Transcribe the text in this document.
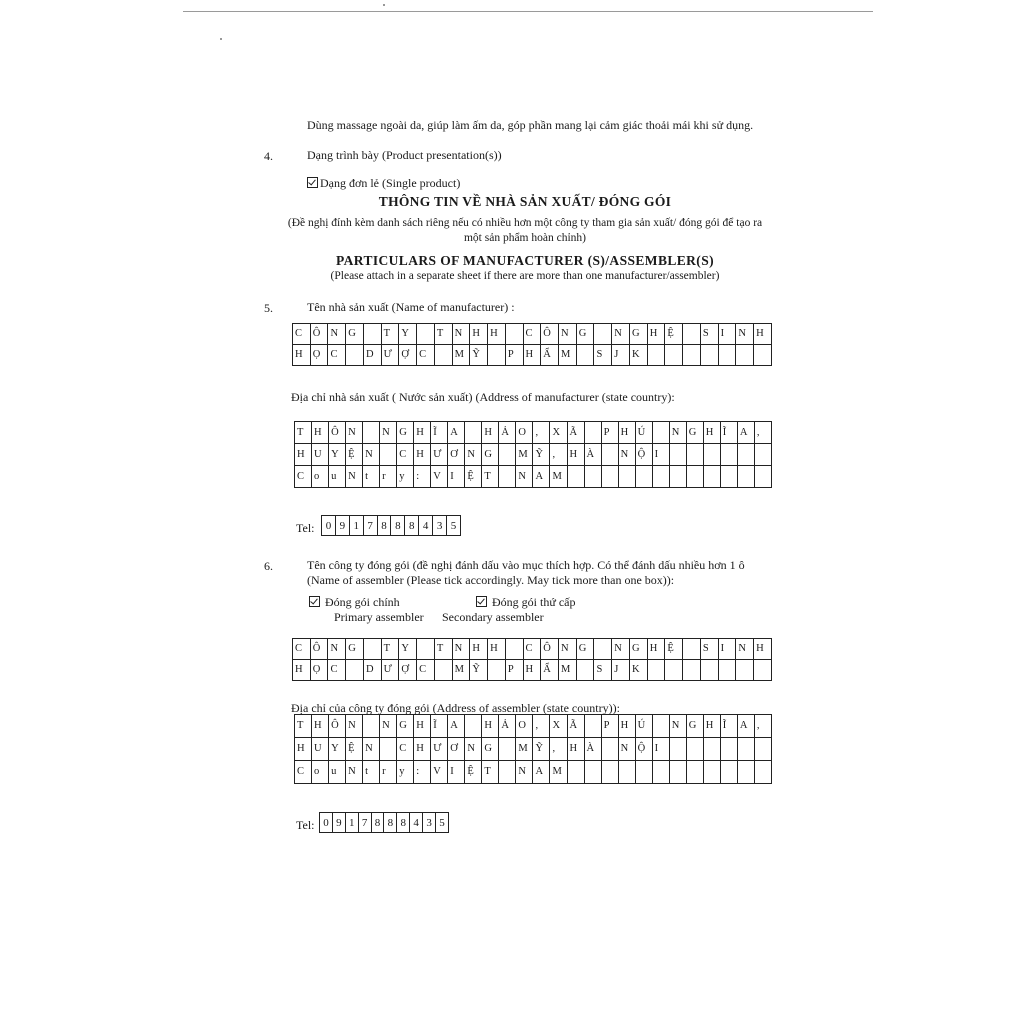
Dùng massage ngoài da, giúp làm ấm da, góp phần mang lại cảm giác thoải mái khi sử dụng.
4.	Dạng trình bày (Product presentation(s))
Dạng đơn lẻ (Single product)
THÔNG TIN VỀ NHÀ SẢN XUẤT/ ĐÓNG GÓI
(Đề nghị đính kèm danh sách riêng nếu có nhiều hơn một công ty tham gia sản xuất/ đóng gói để tạo ra
một sản phẩm hoàn chỉnh)
PARTICULARS OF MANUFACTURER (S)/ASSEMBLER(S)
(Please attach in a separate sheet if there are more than one manufacturer/assembler)
5.	Tên nhà sản xuất (Name of manufacturer) :
C	Ô	N	G		T	Y		T	N	H	H		C	Ô	N	G		N	G	H	Ệ		S	I	N	H
H	Ọ	C		D	Ư	Ợ	C		M	Ỹ		P	H	Ẩ	M		S	J	K							
Địa chỉ nhà sản xuất ( Nước sản xuất) (Address of manufacturer (state country):
T	H	Ô	N		N	G	H	Ĩ	A		H	Ả	O	,	X	Ã		P	H	Ú		N	G	H	Ĩ	A	,
H	U	Y	Ệ	N		C	H	Ư	Ơ	N	G		M	Ỹ	,	H	À		N	Ộ	I						
C	o	u	N	t	r	y	:	V	I	Ệ	T		N	A	M												
Tel: 0	9	1	7	8	8	8	4	3	5
6.	Tên công ty đóng gói (đề nghị đánh dấu vào mục thích hợp. Có thể đánh dấu nhiều hơn 1 ô
(Name of assembler (Please tick accordingly. May tick more than one box)):
Đóng gói chính	Đóng gói thứ cấp
Primary assembler Secondary assembler
C	Ô	N	G		T	Y		T	N	H	H		C	Ô	N	G		N	G	H	Ệ		S	I	N	H
H	Ọ	C		D	Ư	Ợ	C		M	Ỹ		P	H	Ẩ	M		S	J	K							
Địa chỉ của công ty đóng gói (Address of assembler (state country)):
T	H	Ô	N		N	G	H	Ĩ	A		H	Ả	O	,	X	Ã		P	H	Ú		N	G	H	Ĩ	A	,
H	U	Y	Ệ	N		C	H	Ư	Ơ	N	G		M	Ỹ	,	H	À		N	Ộ	I						
C	o	u	N	t	r	y	:	V	I	Ệ	T		N	A	M												
Tel: 0	9	1	7	8	8	8	4	3	5
